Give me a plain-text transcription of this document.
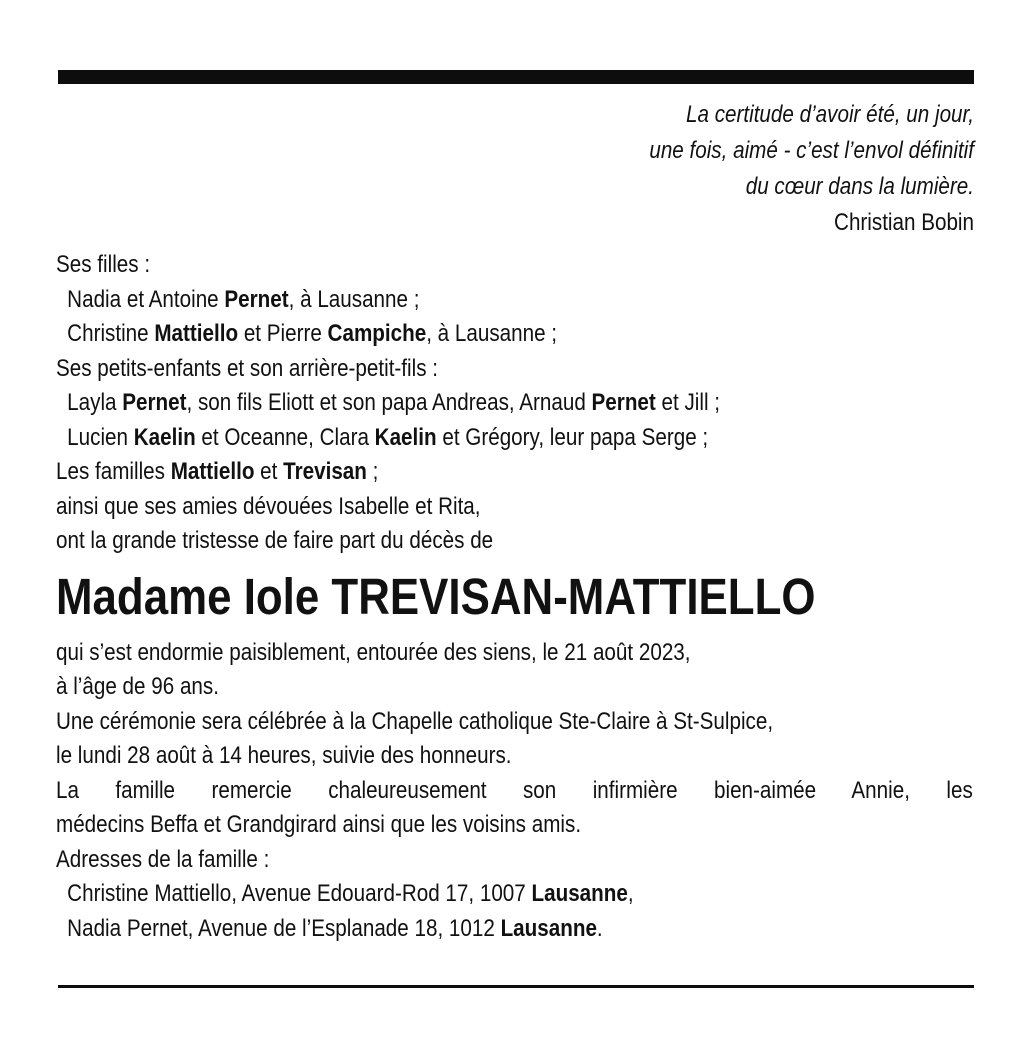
La certitude d’avoir été, un jour,
une fois, aimé - c’est l’envol définitif
du cœur dans la lumière.
Christian Bobin
Ses filles :
Nadia et Antoine Pernet, à Lausanne ;
Christine Mattiello et Pierre Campiche, à Lausanne ;
Ses petits-enfants et son arrière-petit-fils :
Layla Pernet, son fils Eliott et son papa Andreas, Arnaud Pernet et Jill ;
Lucien Kaelin et Oceanne, Clara Kaelin et Grégory, leur papa Serge ;
Les familles Mattiello et Trevisan ;
ainsi que ses amies dévouées Isabelle et Rita,
ont la grande tristesse de faire part du décès de
Madame Iole TREVISAN-MATTIELLO
qui s’est endormie paisiblement, entourée des siens, le 21 août 2023,
à l’âge de 96 ans.
Une cérémonie sera célébrée à la Chapelle catholique Ste-Claire à St-Sulpice,
le lundi 28 août à 14 heures, suivie des honneurs.
La famille remercie chaleureusement son infirmière bien-aimée Annie, les
médecins Beffa et Grandgirard ainsi que les voisins amis.
Adresses de la famille :
Christine Mattiello, Avenue Edouard-Rod 17, 1007 Lausanne,
Nadia Pernet, Avenue de l’Esplanade 18, 1012 Lausanne.
